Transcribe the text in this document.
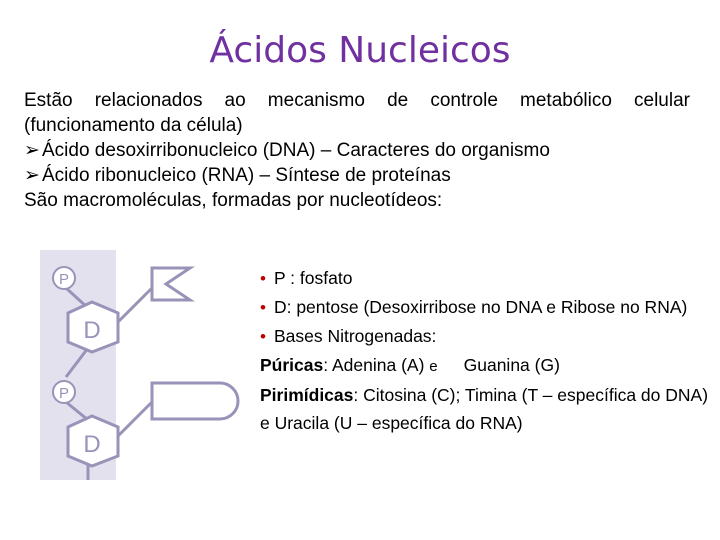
Ácidos Nucleicos

Estão relacionados ao mecanismo de controle metabólico celular (funcionamento da célula)

➢ Ácido desoxirribonucleico (DNA) – Caracteres do organismo

➢ Ácido ribonucleico (RNA) – Síntese de proteínas

São macromoléculas, formadas por nucleotídeos:

P
P
D
D

• P : fosfato

• D: pentose (Desoxirribose no DNA e Ribose no RNA)

• Bases Nitrogenadas:

Púricas: Adenina (A) e Guanina (G)

Pirimídicas: Citosina (C); Timina (T – específica do DNA) e Uracila (U – específica do RNA)
